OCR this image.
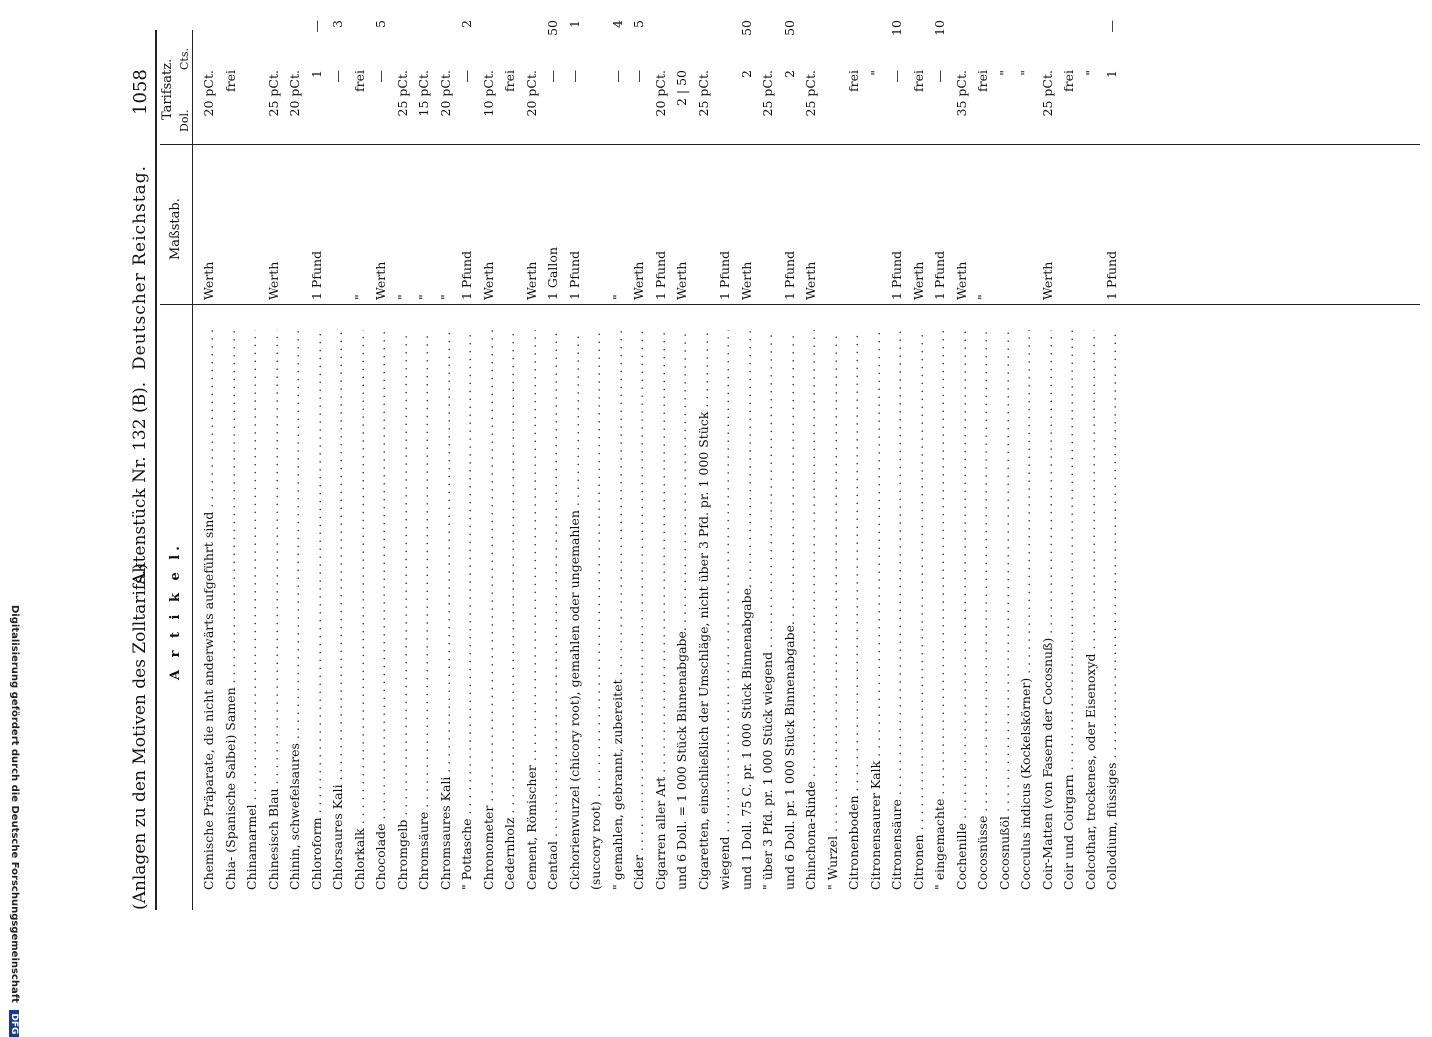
1058
Deutscher Reichstag.
Aktenstück Nr. 132 (B).
(Anlagen zu den Motiven des Zolltarifs.) A r t i k e l.
Maßstab.
Tarifsatz.
Dol.
Cts.
Chemische Präparate, die nicht anderwärts aufgeführt sind . . .
Werth
20 pCt.
Chia- (Spanische Salbei) Samen . . .
frei
Chinamarmel . . . Chinesisch Blau . . .
Werth
25 pCt.
Chinin, schwefelsaures . . .
20 pCt.
Chloroform . . .
1 Pfund
1
—
Chlorsaures Kali . . .
—
3
Chlorkalk . . .
"
frei
Chocolade . . .
Werth
—
5
Chromgelb . . .
"
25 pCt.
Chromsäure . . .
"
15 pCt.
Chromsaures Kali . . .
"
20 pCt.
" Pottasche . . .
1 Pfund
—
2
Chronometer . . .
Werth
10 pCt.
Cedernholz . . .
frei
Cement, Römischer . . .
Werth
20 pCt.
Centaol . . .
1 Gallon
—
50
Cichorienwurzel (chicory root), gemahlen oder ungemahlen . . .
1 Pfund
—
1
(succory root) . . . " gemahlen, gebrannt, zubereitet . . .
"
—
4
Cider . . .
Werth
—
5
Cigarren aller Art . . .
1 Pfund
20 pCt.
und 6 Doll. = 1 000 Stück Binnenabgabe. . . .
Werth
2 | 50
Cigaretten, einschließlich der Umschläge, nicht über 3 Pfd. pr. 1 000 Stück . . .
25 pCt.
wiegend . . .
1 Pfund
und 1 Doll. 75 C. pr. 1 000 Stück Binnenabgabe. . . .
Werth
2
50
" über 3 Pfd. pr. 1 000 Stück wiegend . . .
25 pCt.
und 6 Doll. pr. 1 000 Stück Binnenabgabe. . . .
1 Pfund
2
50
Chinchona-Rinde . . .
Werth
25 pCt.
" Wurzel . . . Citronenboden . . .
frei
Citronensaurer Kalk . . .
"
Citronensäure . . .
1 Pfund
—
10
Citronen . . .
Werth
frei
" eingemachte . . .
1 Pfund
—
10
Cochenille . . .
Werth
35 pCt.
Cocosnüsse . . .
"
frei
Cocosnußöl . . .
"
Cocculus indicus (Kockelskörner) . . .
"
Coir-Matten (von Fasern der Cocosnuß) . . .
Werth
25 pCt.
Coir und Coirgarn . . .
frei
Colcothar, trockenes, oder Eisenoxyd . . .
"
Collodium, flüssiges . . .
1 Pfund
1
—
Digitalisierung gefördert durch die Deutsche Forschungsgemeinschaft DFG
